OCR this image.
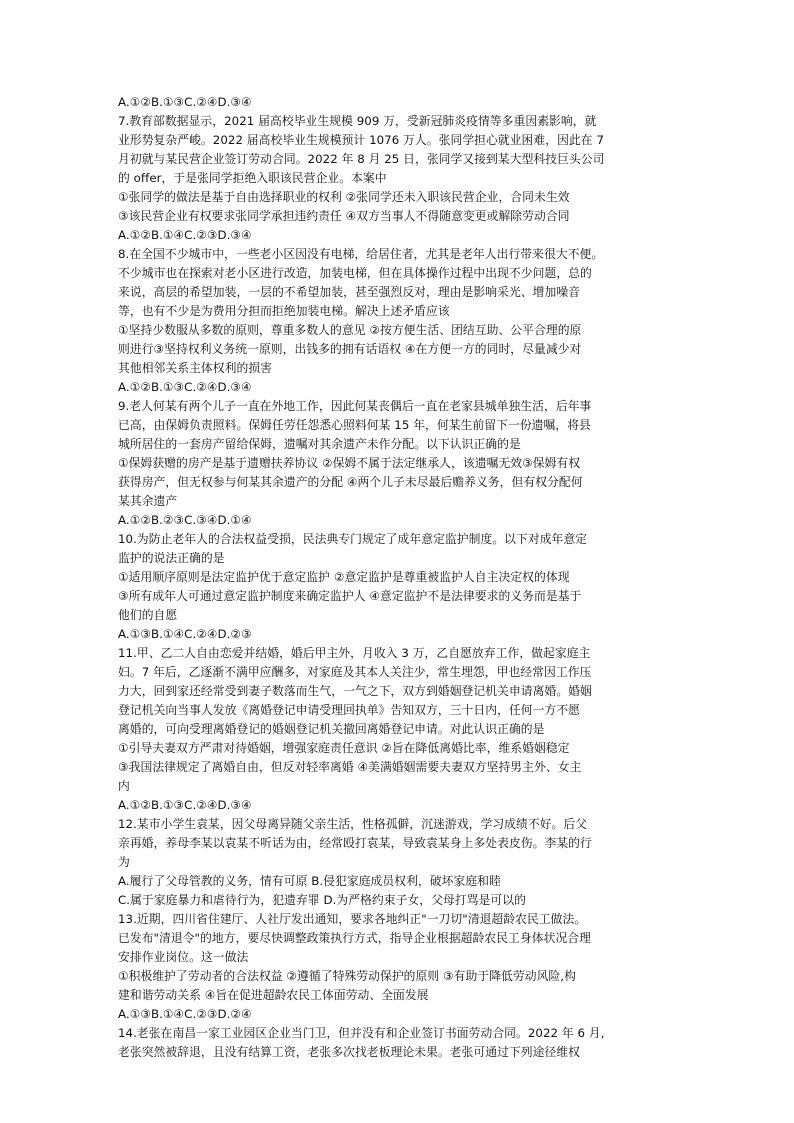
A.①②B.①③C.②④D.③④
7.教育部数据显示，2021 届高校毕业生规模 909 万，受新冠肺炎疫情等多重因素影响，就
业形势复杂严峻。2022 届高校毕业生规模预计 1076 万人。张同学担心就业困难，因此在 7
月初就与某民营企业签订劳动合同。2022 年 8 月 25 日，张同学又接到某大型科技巨头公司
的 offer，于是张同学拒绝入职该民营企业。本案中
①张同学的做法是基于自由选择职业的权利 ②张同学还未入职该民营企业，合同未生效
③该民营企业有权要求张同学承担违约责任 ④双方当事人不得随意变更或解除劳动合同
A.①②B.①④C.②③D.③④
8.在全国不少城市中，一些老小区因没有电梯，给居住者，尤其是老年人出行带来很大不便。
不少城市也在探索对老小区进行改造，加装电梯，但在具体操作过程中出现不少问题，总的
来说，高层的希望加装，一层的不希望加装，甚至强烈反对，理由是影响采光、增加噪音
等，也有不少是为费用分担而拒绝加装电梯。解决上述矛盾应该
①坚持少数服从多数的原则，尊重多数人的意见 ②按方便生活、团结互助、公平合理的原
则进行③坚持权利义务统一原则，出钱多的拥有话语权 ④在方便一方的同时，尽量减少对
其他相邻关系主体权利的损害
A.①②B.①③C.②④D.③④
9.老人何某有两个儿子一直在外地工作，因此何某丧偶后一直在老家县城单独生活，后年事
已高，由保姆负责照料。保姆任劳任怨悉心照料何某 15 年，何某生前留下一份遗嘱，将县
城所居住的一套房产留给保姆，遗嘱对其余遗产未作分配。以下认识正确的是
①保姆获赠的房产是基于遗赠扶养协议 ②保姆不属于法定继承人，该遗嘱无效③保姆有权
获得房产，但无权参与何某其余遗产的分配 ④两个儿子未尽最后赡养义务，但有权分配何
某其余遗产
A.①②B.②③C.③④D.①④
10.为防止老年人的合法权益受损，民法典专门规定了成年意定监护制度。以下对成年意定
监护的说法正确的是
①适用顺序原则是法定监护优于意定监护 ②意定监护是尊重被监护人自主决定权的体现
③所有成年人可通过意定监护制度来确定监护人 ④意定监护不是法律要求的义务而是基于
他们的自愿
A.①③B.①④C.②④D.②③
11.甲、乙二人自由恋爱并结婚，婚后甲主外，月收入 3 万，乙自愿放弃工作，做起家庭主
妇。7 年后，乙逐渐不满甲应酬多，对家庭及其本人关注少，常生埋怨，甲也经常因工作压
力大，回到家还经常受到妻子数落而生气，一气之下，双方到婚姻登记机关申请离婚。婚姻
登记机关向当事人发放《离婚登记申请受理回执单》告知双方，三十日内，任何一方不愿
离婚的，可向受理离婚登记的婚姻登记机关撤回离婚登记申请。对此认识正确的是
①引导夫妻双方严肃对待婚姻，增强家庭责任意识 ②旨在降低离婚比率，维系婚姻稳定
③我国法律规定了离婚自由，但反对轻率离婚 ④美满婚姻需要夫妻双方坚持男主外、女主
内
A.①②B.①③C.②④D.③④
12.某市小学生袁某，因父母离异随父亲生活，性格孤僻，沉迷游戏，学习成绩不好。后父
亲再婚，养母李某以袁某不听话为由，经常殴打袁某，导致袁某身上多处表皮伤。李某的行
为
A.履行了父母管教的义务，情有可原 B.侵犯家庭成员权利，破坏家庭和睦
C.属于家庭暴力和虐待行为，犯遗弃罪 D.为严格约束子女，父母打骂是可以的
13.近期，四川省住建厅、人社厅发出通知，要求各地纠正"一刀切"清退超龄农民工做法。
已发布"清退令"的地方，要尽快调整政策执行方式，指导企业根据超龄农民工身体状况合理
安排作业岗位。这一做法
①积极维护了劳动者的合法权益 ②遵循了特殊劳动保护的原则 ③有助于降低劳动风险,构
建和谐劳动关系 ④旨在促进超龄农民工体面劳动、全面发展
A.①③B.①④C.②③D.②④
14.老张在南昌一家工业园区企业当门卫，但并没有和企业签订书面劳动合同。2022 年 6 月,
老张突然被辞退，且没有结算工资，老张多次找老板理论未果。老张可通过下列途径维权
